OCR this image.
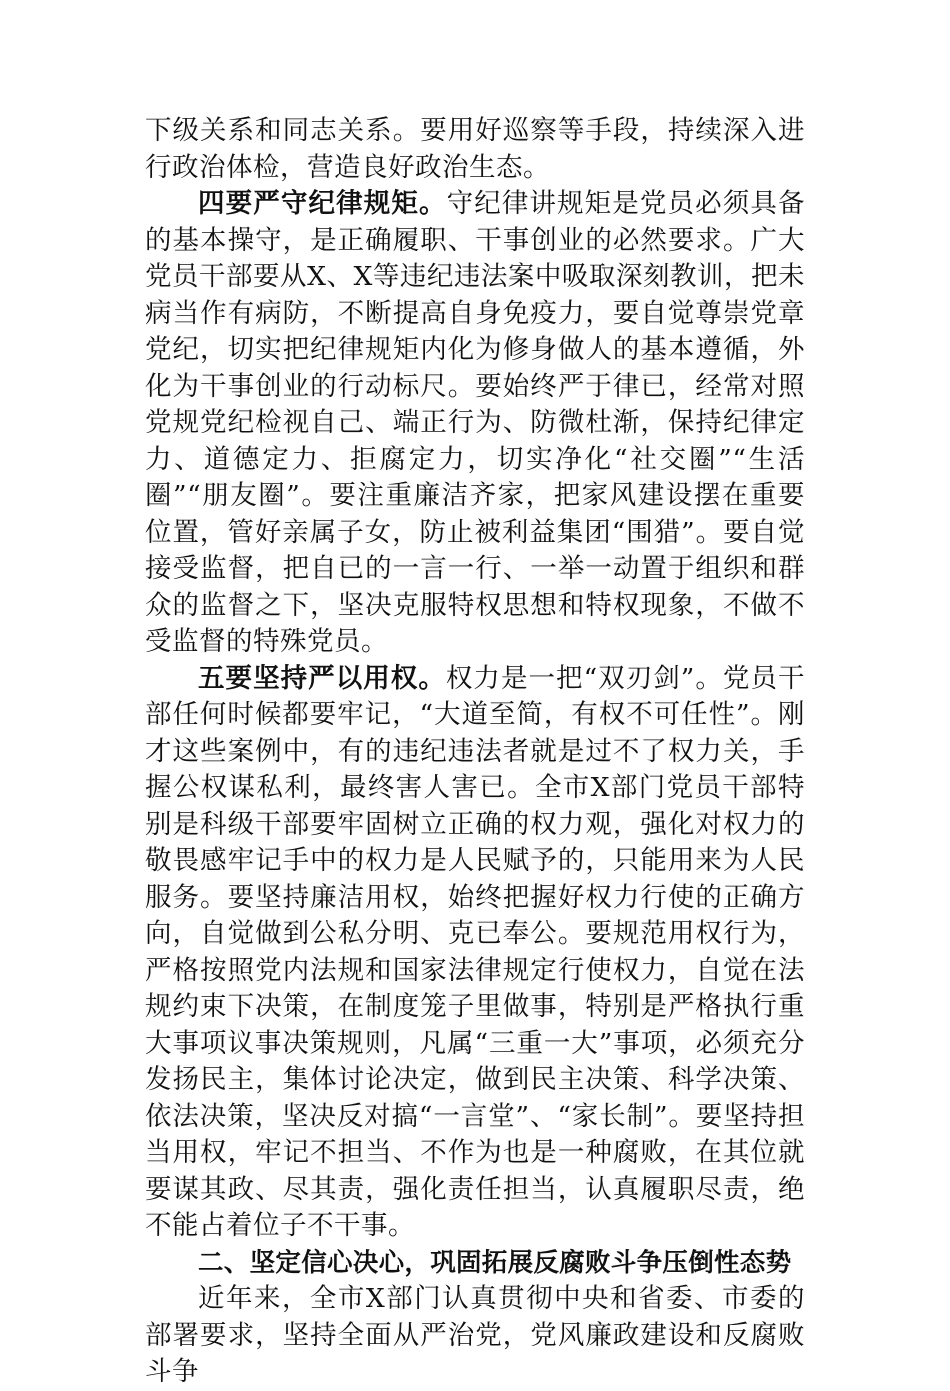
下级关系和同志关系。要用好巡察等手段，持续深入进行政治体检，营造良好政治生态。

四要严守纪律规矩。守纪律讲规矩是党员必须具备的基本操守，是正确履职、干事创业的必然要求。广大党员干部要从X、X等违纪违法案中吸取深刻教训，把未病当作有病防，不断提高自身免疫力，要自觉尊崇党章党纪，切实把纪律规矩内化为修身做人的基本遵循，外化为干事创业的行动标尺。要始终严于律已，经常对照党规党纪检视自己、端正行为、防微杜渐，保持纪律定力、道德定力、拒腐定力，切实净化“社交圈”“生活圈”“朋友圈”。要注重廉洁齐家，把家风建设摆在重要位置，管好亲属子女，防止被利益集团“围猎”。要自觉接受监督，把自已的一言一行、一举一动置于组织和群众的监督之下，坚决克服特权思想和特权现象，不做不受监督的特殊党员。

五要坚持严以用权。权力是一把“双刃剑”。党员干部任何时候都要牢记，“大道至简，有权不可任性”。刚才这些案例中，有的违纪违法者就是过不了权力关，手握公权谋私利，最终害人害已。全市X部门党员干部特别是科级干部要牢固树立正确的权力观，强化对权力的敬畏感牢记手中的权力是人民赋予的，只能用来为人民服务。要坚持廉洁用权，始终把握好权力行使的正确方向，自觉做到公私分明、克已奉公。要规范用权行为，严格按照党内法规和国家法律规定行使权力，自觉在法规约束下决策，在制度笼子里做事，特别是严格执行重大事项议事决策规则，凡属“三重一大”事项，必须充分发扬民主，集体讨论决定，做到民主决策、科学决策、依法决策，坚决反对搞“一言堂”、“家长制”。要坚持担当用权，牢记不担当、不作为也是一种腐败，在其位就要谋其政、尽其责，强化责任担当，认真履职尽责，绝不能占着位子不干事。

二、坚定信心决心，巩固拓展反腐败斗争压倒性态势

近年来，全市X部门认真贯彻中央和省委、市委的部署要求，坚持全面从严治党，党风廉政建设和反腐败斗争
